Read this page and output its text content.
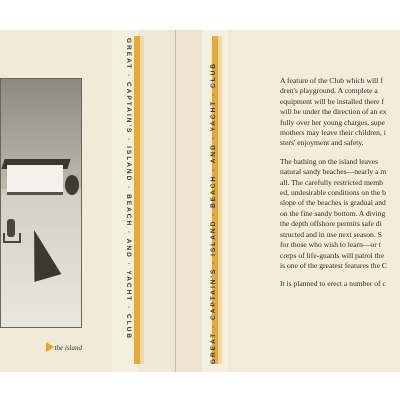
the island
GREAT · CAPTAIN'S · ISLAND · BEACH · AND · YACHT · CLUB	GREAT · CAPTAIN'S · ISLAND · BEACH · AND · YACHT · CLUB	A feature of the Club which will f
dren's playground. A complete a
equipment will be installed there f
will be under the direction of an ex
fully over her young charges, supe
mothers may leave their children, i
sters' enjoyment and safety.

The bathing on the island leaves
natural sandy beaches—nearly a m
all. The carefully restricted memb
ed, undesirable conditions on the b
slope of the beaches is gradual and
on the fine sandy bottom. A diving
the depth offshore permits safe di
structed and in use next season. S
for those who wish to learn—or t
corps of life-guards will patrol the
is one of the greatest features the C

It is planned to erect a number of c
